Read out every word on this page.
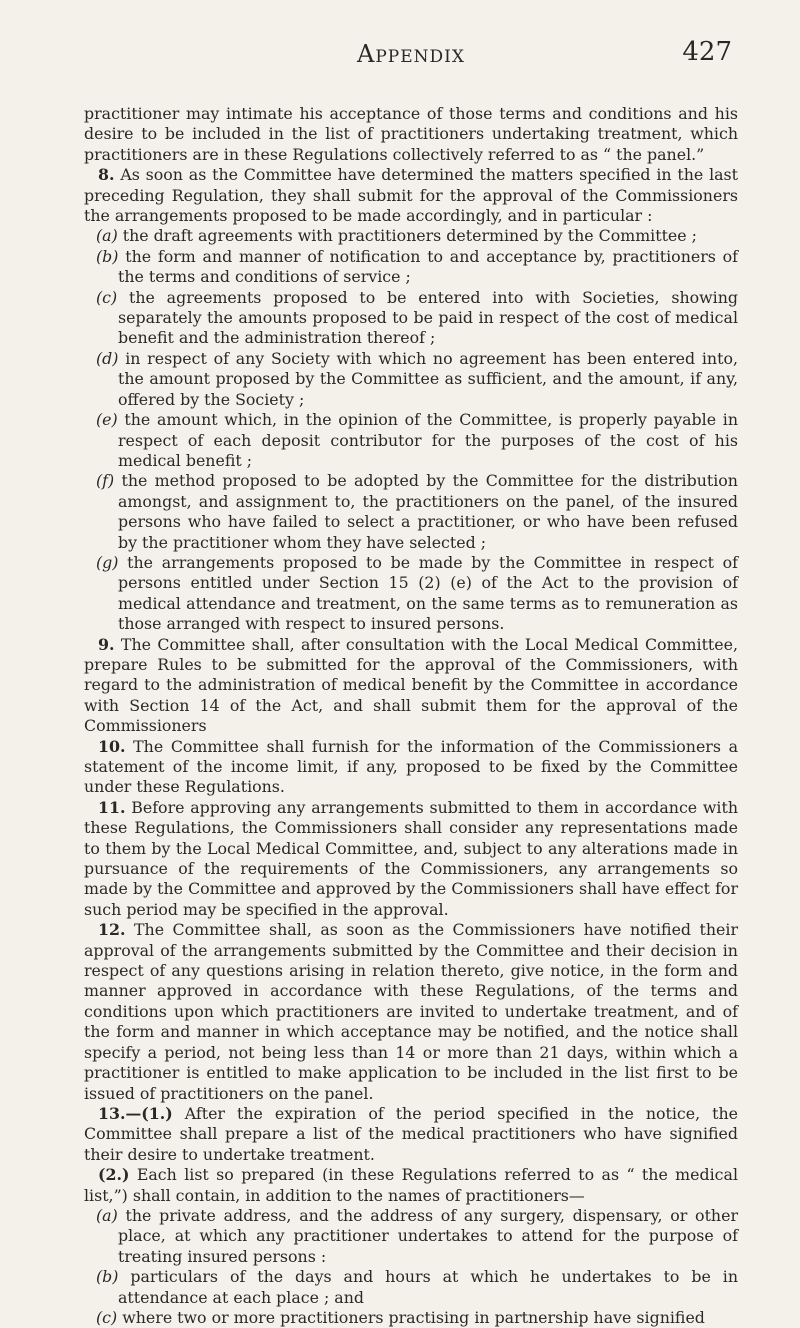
Appendix	427

practitioner may intimate his acceptance of those terms and conditions and his desire to be included in the list of practitioners undertaking treatment, which practitioners are in these Regulations collectively referred to as “ the panel.”

8. As soon as the Committee have determined the matters specified in the last preceding Regulation, they shall submit for the approval of the Commissioners the arrangements proposed to be made accordingly, and in particular :

(a) the draft agreements with practitioners determined by the Committee ;

(b) the form and manner of notification to and acceptance by, practitioners of the terms and conditions of service ;

(c) the agreements proposed to be entered into with Societies, showing separately the amounts proposed to be paid in respect of the cost of medical benefit and the administration thereof ;

(d) in respect of any Society with which no agreement has been entered into, the amount proposed by the Committee as sufficient, and the amount, if any, offered by the Society ;

(e) the amount which, in the opinion of the Committee, is properly payable in respect of each deposit contributor for the purposes of the cost of his medical benefit ;

(f) the method proposed to be adopted by the Committee for the distribution amongst, and assignment to, the practitioners on the panel, of the insured persons who have failed to select a practitioner, or who have been refused by the practitioner whom they have selected ;

(g) the arrangements proposed to be made by the Committee in respect of persons entitled under Section 15 (2) (e) of the Act to the provision of medical attendance and treatment, on the same terms as to remuneration as those arranged with respect to insured persons.

9. The Committee shall, after consultation with the Local Medical Committee, prepare Rules to be submitted for the approval of the Commissioners, with regard to the administration of medical benefit by the Committee in accordance with Section 14 of the Act, and shall submit them for the approval of the Commissioners

10. The Committee shall furnish for the information of the Commissioners a statement of the income limit, if any, proposed to be fixed by the Committee under these Regulations.

11. Before approving any arrangements submitted to them in accordance with these Regulations, the Commissioners shall consider any representations made to them by the Local Medical Committee, and, subject to any alterations made in pursuance of the requirements of the Commissioners, any arrangements so made by the Committee and approved by the Commissioners shall have effect for such period may be specified in the approval.

12. The Committee shall, as soon as the Commissioners have notified their approval of the arrangements submitted by the Committee and their decision in respect of any questions arising in relation thereto, give notice, in the form and manner approved in accordance with these Regulations, of the terms and conditions upon which practitioners are invited to undertake treatment, and of the form and manner in which acceptance may be notified, and the notice shall specify a period, not being less than 14 or more than 21 days, within which a practitioner is entitled to make application to be included in the list first to be issued of practitioners on the panel.

13.—(1.) After the expiration of the period specified in the notice, the Committee shall prepare a list of the medical practitioners who have signified their desire to undertake treatment.

(2.) Each list so prepared (in these Regulations referred to as “ the medical list,”) shall contain, in addition to the names of practitioners—

(a) the private address, and the address of any surgery, dispensary, or other place, at which any practitioner undertakes to attend for the purpose of treating insured persons :

(b) particulars of the days and hours at which he undertakes to be in attendance at each place ; and

(c) where two or more practitioners practising in partnership have signified
